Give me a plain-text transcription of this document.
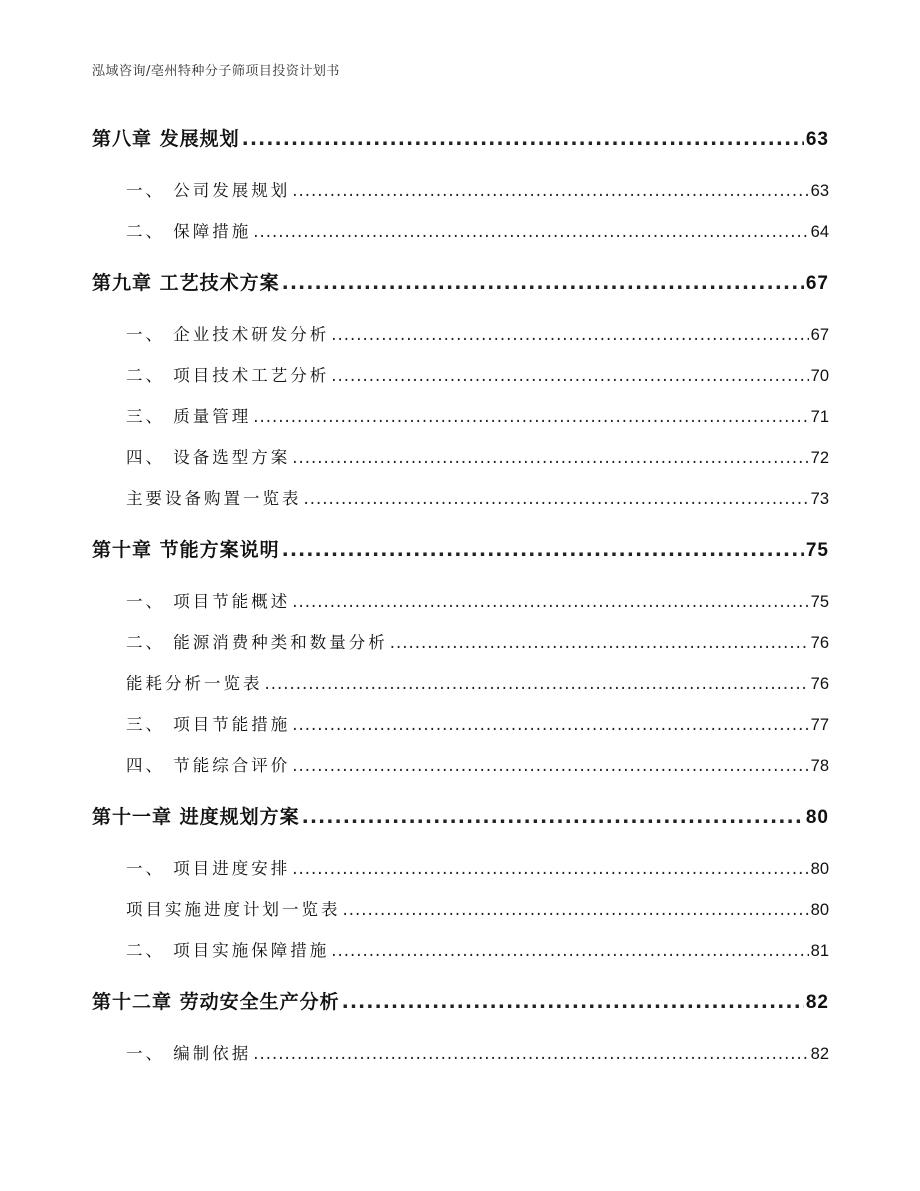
泓域咨询/亳州特种分子筛项目投资计划书
第八章 发展规划 .....	63
一、 公司发展规划 .....	63
二、 保障措施 .....	64
第九章 工艺技术方案 .....	67
一、 企业技术研发分析 .....	67
二、 项目技术工艺分析 .....	70
三、 质量管理 .....	71
四、 设备选型方案 .....	72
主要设备购置一览表 .....	73
第十章 节能方案说明 .....	75
一、 项目节能概述 .....	75
二、 能源消费种类和数量分析 .....	76
能耗分析一览表 .....	76
三、 项目节能措施 .....	77
四、 节能综合评价 .....	78
第十一章 进度规划方案 .....	80
一、 项目进度安排 .....	80
项目实施进度计划一览表 .....	80
二、 项目实施保障措施 .....	81
第十二章 劳动安全生产分析 .....	82
一、 编制依据 .....	82
